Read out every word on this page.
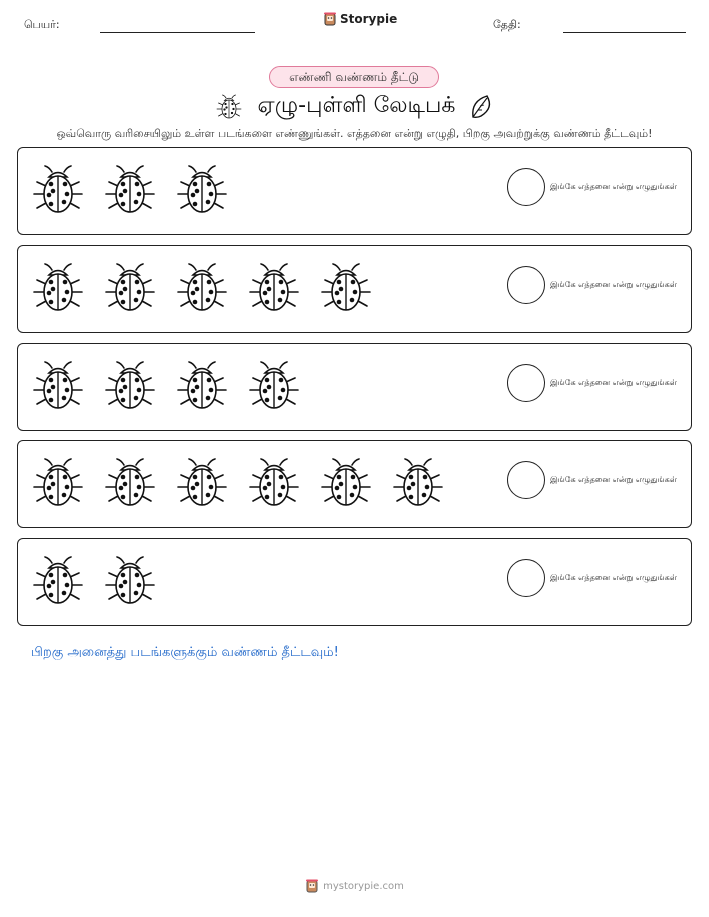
பெயர்:	Storypie	தேதி:
எண்ணி வண்ணம் தீட்டு
ஏழு-புள்ளி லேடிபக்
ஒவ்வொரு வரிசையிலும் உள்ள படங்களை எண்ணுங்கள். எத்தனை என்று எழுதி, பிறகு அவற்றுக்கு வண்ணம் தீட்டவும்!
இங்கே எத்தனை என்று எழுதுங்கள்
இங்கே எத்தனை என்று எழுதுங்கள்
இங்கே எத்தனை என்று எழுதுங்கள்
இங்கே எத்தனை என்று எழுதுங்கள்
இங்கே எத்தனை என்று எழுதுங்கள்
பிறகு அனைத்து படங்களுக்கும் வண்ணம் தீட்டவும்!
mystorypie.com
